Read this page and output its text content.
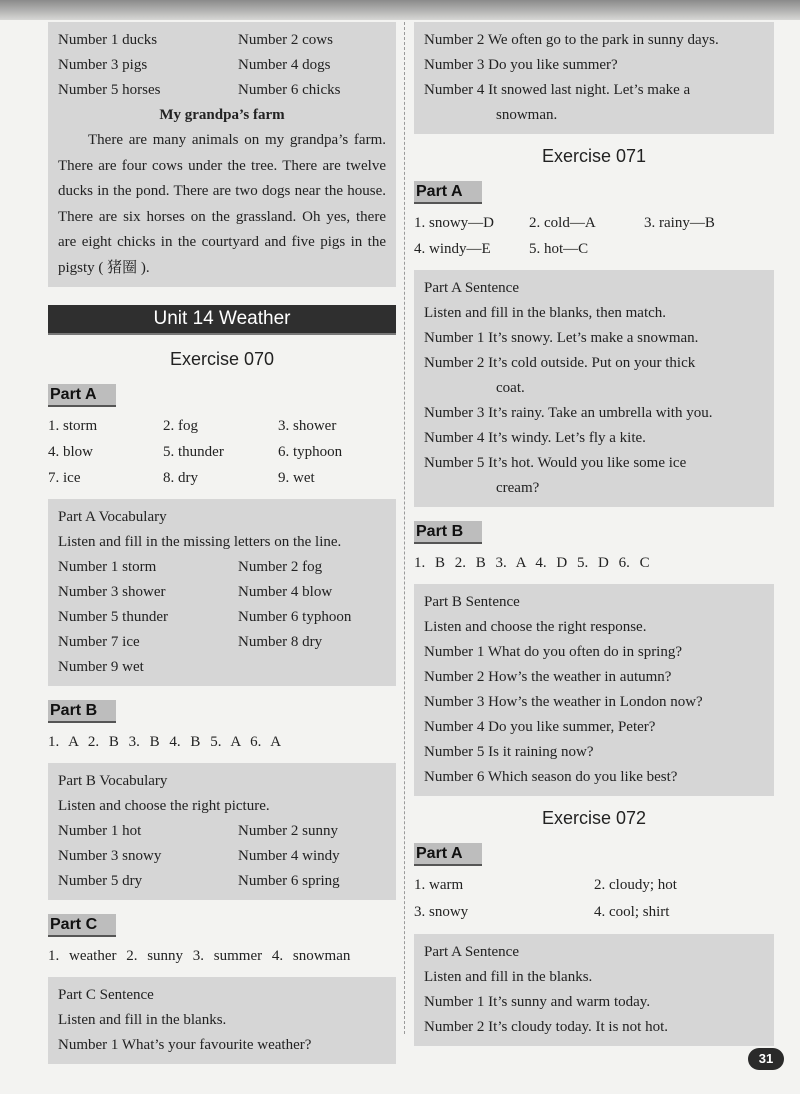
Number 1 ducks	Number 2 cows
Number 3 pigs	Number 4 dogs
Number 5 horses	Number 6 chicks
My grandpa’s farm
There are many animals on my grandpa’s farm. There are four cows under the tree. There are twelve ducks in the pond. There are two dogs near the house. There are six horses on the grassland. Oh yes, there are eight chicks in the courtyard and five pigs in the pigsty ( 猪圈 ).
Unit 14 Weather
Exercise 070
Part A
1. storm	2. fog	3. shower
4. blow	5. thunder	6. typhoon
7. ice	8. dry	9. wet
Part A Vocabulary
Listen and fill in the missing letters on the line.
Number 1 storm	Number 2 fog
Number 3 shower	Number 4 blow
Number 5 thunder	Number 6 typhoon
Number 7 ice	Number 8 dry
Number 9 wet
Part B
1. A 2. B 3. B 4. B 5. A 6. A
Part B Vocabulary
Listen and choose the right picture.
Number 1 hot	Number 2 sunny
Number 3 snowy	Number 4 windy
Number 5 dry	Number 6 spring
Part C
1. weather 2. sunny 3. summer 4. snowman
Part C Sentence
Listen and fill in the blanks.
Number 1 What’s your favourite weather?
Number 2 We often go to the park in sunny days.
Number 3 Do you like summer?
Number 4 It snowed last night. Let’s make a
snowman.
Exercise 071
Part A
1. snowy—D	2. cold—A	3. rainy—B
4. windy—E	5. hot—C
Part A Sentence
Listen and fill in the blanks, then match.
Number 1 It’s snowy. Let’s make a snowman.
Number 2 It’s cold outside. Put on your thick
coat.
Number 3 It’s rainy. Take an umbrella with you.
Number 4 It’s windy. Let’s fly a kite.
Number 5 It’s hot. Would you like some ice
cream?
Part B
1. B 2. B 3. A 4. D 5. D 6. C
Part B Sentence
Listen and choose the right response.
Number 1 What do you often do in spring?
Number 2 How’s the weather in autumn?
Number 3 How’s the weather in London now?
Number 4 Do you like summer, Peter?
Number 5 Is it raining now?
Number 6 Which season do you like best?
Exercise 072
Part A
1. warm	2. cloudy; hot
3. snowy	4. cool; shirt
Part A Sentence
Listen and fill in the blanks.
Number 1 It’s sunny and warm today.
Number 2 It’s cloudy today. It is not hot.
31
